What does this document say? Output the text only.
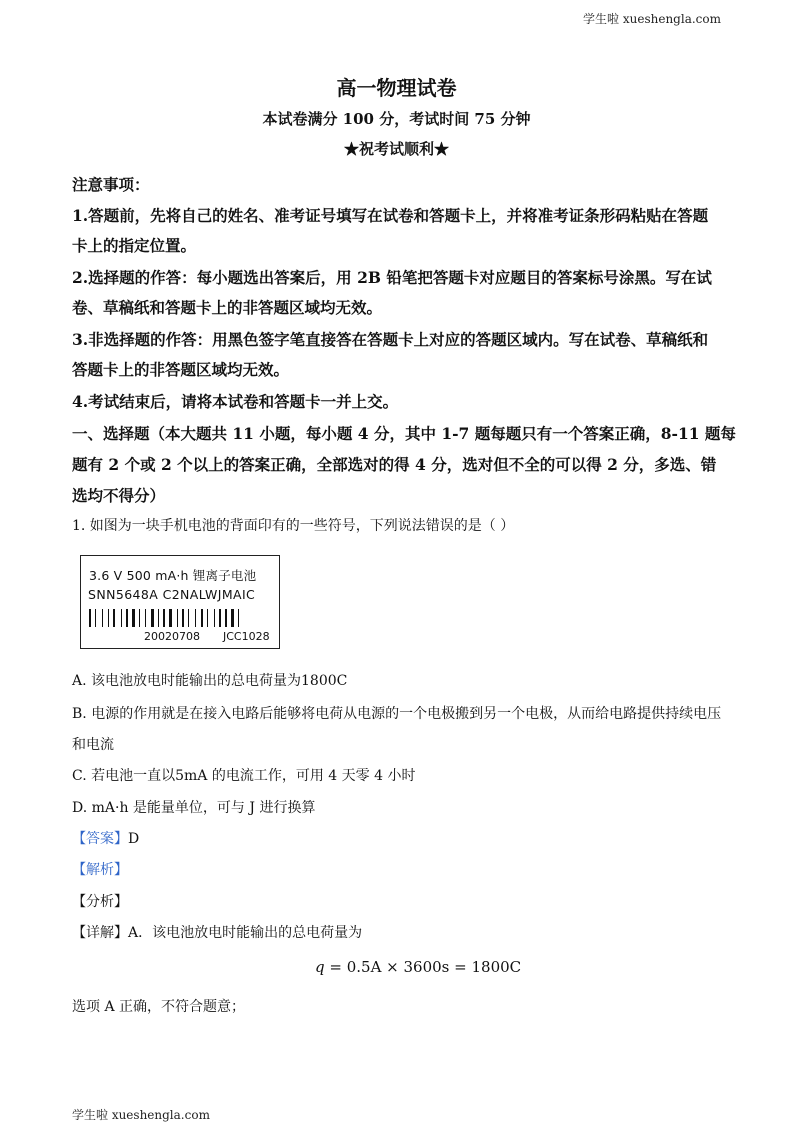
学生啦 xueshengla.com
高一物理试卷
本试卷满分 100 分，考试时间 75 分钟
★祝考试顺利★
注意事项：
1.答题前，先将自己的姓名、准考证号填写在试卷和答题卡上，并将准考证条形码粘贴在答题
卡上的指定位置。
2.选择题的作答：每小题选出答案后，用 2B 铅笔把答题卡对应题目的答案标号涂黑。写在试
卷、草稿纸和答题卡上的非答题区域均无效。
3.非选择题的作答：用黑色签字笔直接答在答题卡上对应的答题区域内。写在试卷、草稿纸和
答题卡上的非答题区域均无效。
4.考试结束后，请将本试卷和答题卡一并上交。
一、选择题（本大题共 11 小题，每小题 4 分，其中 1-7 题每题只有一个答案正确，8-11 题每
题有 2 个或 2 个以上的答案正确，全部选对的得 4 分，选对但不全的可以得 2 分，多选、错
选均不得分）
1. 如图为一块手机电池的背面印有的一些符号，下列说法错误的是（ ）
3.6 V 500 mA·h 锂离子电池
SNN5648A C2NALWJMAIC
20020708 JCC1028
A. 该电池放电时能输出的总电荷量为1800C
B. 电源的作用就是在接入电路后能够将电荷从电源的一个电极搬到另一个电极，从而给电路提供持续电压
和电流
C. 若电池一直以5mA 的电流工作，可用 4 天零 4 小时
D. mA·h 是能量单位，可与 J 进行换算
【答案】D
【解析】
【分析】
【详解】A．该电池放电时能输出的总电荷量为
q = 0.5A × 3600s = 1800C
选项 A 正确，不符合题意；
学生啦 xueshengla.com
